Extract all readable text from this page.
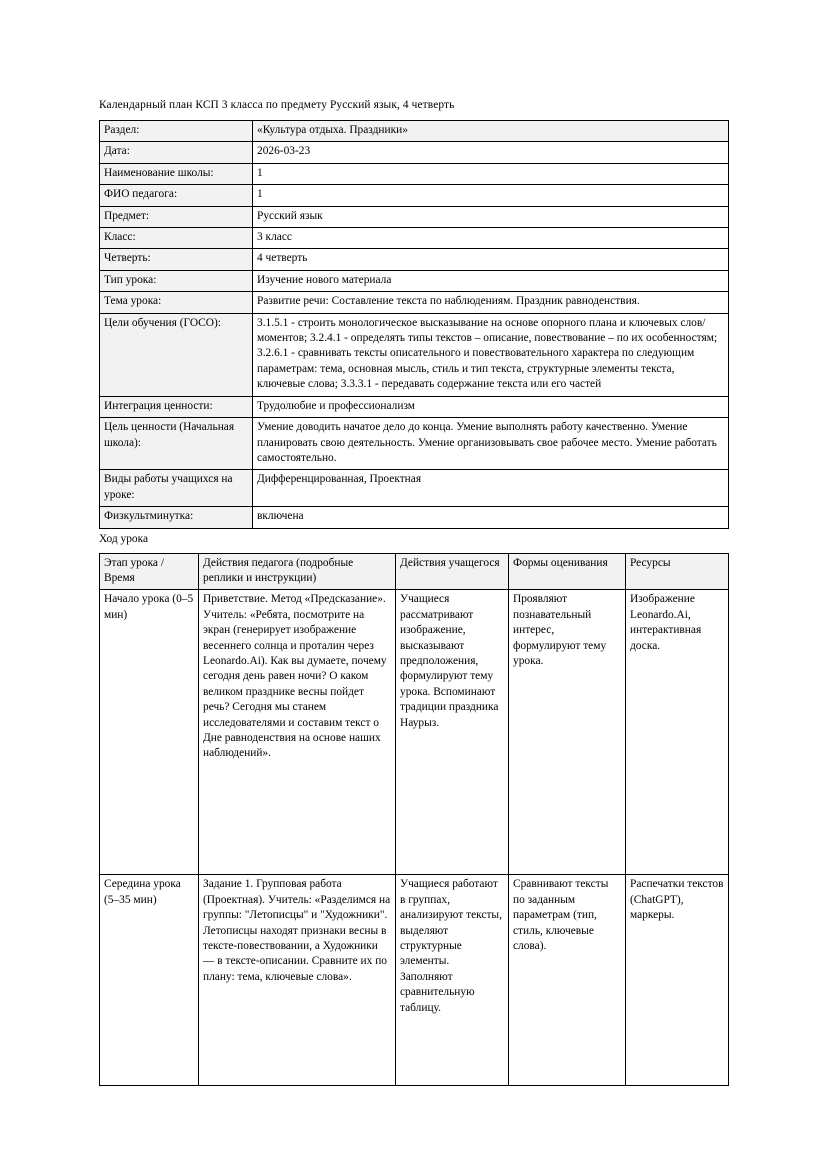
Календарный план КСП 3 класса по предмету Русский язык, 4 четверть

Раздел:	«Культура отдыха. Праздники»
Дата:	2026-03-23
Наименование школы:	1
ФИО педагога:	1
Предмет:	Русский язык
Класс:	3 класс
Четверть:	4 четверть
Тип урока:	Изучение нового материала
Тема урока:	Развитие речи: Составление текста по наблюдениям. Праздник равноденствия.
Цели обучения (ГОСО):	3.1.5.1 - строить монологическое высказывание на основе опорного плана и ключевых слов/моментов; 3.2.4.1 - определять типы текстов – описание, повествование – по их особенностям; 3.2.6.1 - сравнивать тексты описательного и повествовательного характера по следующим параметрам: тема, основная мысль, стиль и тип текста, структурные элементы текста, ключевые слова; 3.3.3.1 - передавать содержание текста или его частей
Интеграция ценности:	Трудолюбие и профессионализм
Цель ценности (Начальная школа):	Умение доводить начатое дело до конца. Умение выполнять работу качественно. Умение планировать свою деятельность. Умение организовывать свое рабочее место. Умение работать самостоятельно.
Виды работы учащихся на уроке:	Дифференцированная, Проектная
Физкультминутка:	включена

Ход урока

Этап урока / Время	Действия педагога (подробные реплики и инструкции)	Действия учащегося	Формы оценивания	Ресурсы
Начало урока (0–5 мин)	Приветствие. Метод «Предсказание». Учитель: «Ребята, посмотрите на экран (генерирует изображение весеннего солнца и проталин через Leonardo.Ai). Как вы думаете, почему сегодня день равен ночи? О каком великом празднике весны пойдет речь? Сегодня мы станем исследователями и составим текст о Дне равноденствия на основе наших наблюдений».	Учащиеся рассматривают изображение, высказывают предположения, формулируют тему урока. Вспоминают традиции праздника Наурыз.	Проявляют познавательный интерес, формулируют тему урока.	Изображение Leonardo.Ai, интерактивная доска.
Середина урока (5–35 мин)	Задание 1. Групповая работа (Проектная). Учитель: «Разделимся на группы: "Летописцы" и "Художники". Летописцы находят признаки весны в тексте-повествовании, а Художники — в тексте-описании. Сравните их по плану: тема, ключевые слова».	Учащиеся работают в группах, анализируют тексты, выделяют структурные элементы. Заполняют сравнительную таблицу.	Сравнивают тексты по заданным параметрам (тип, стиль, ключевые слова).	Распечатки текстов (ChatGPT), маркеры.
